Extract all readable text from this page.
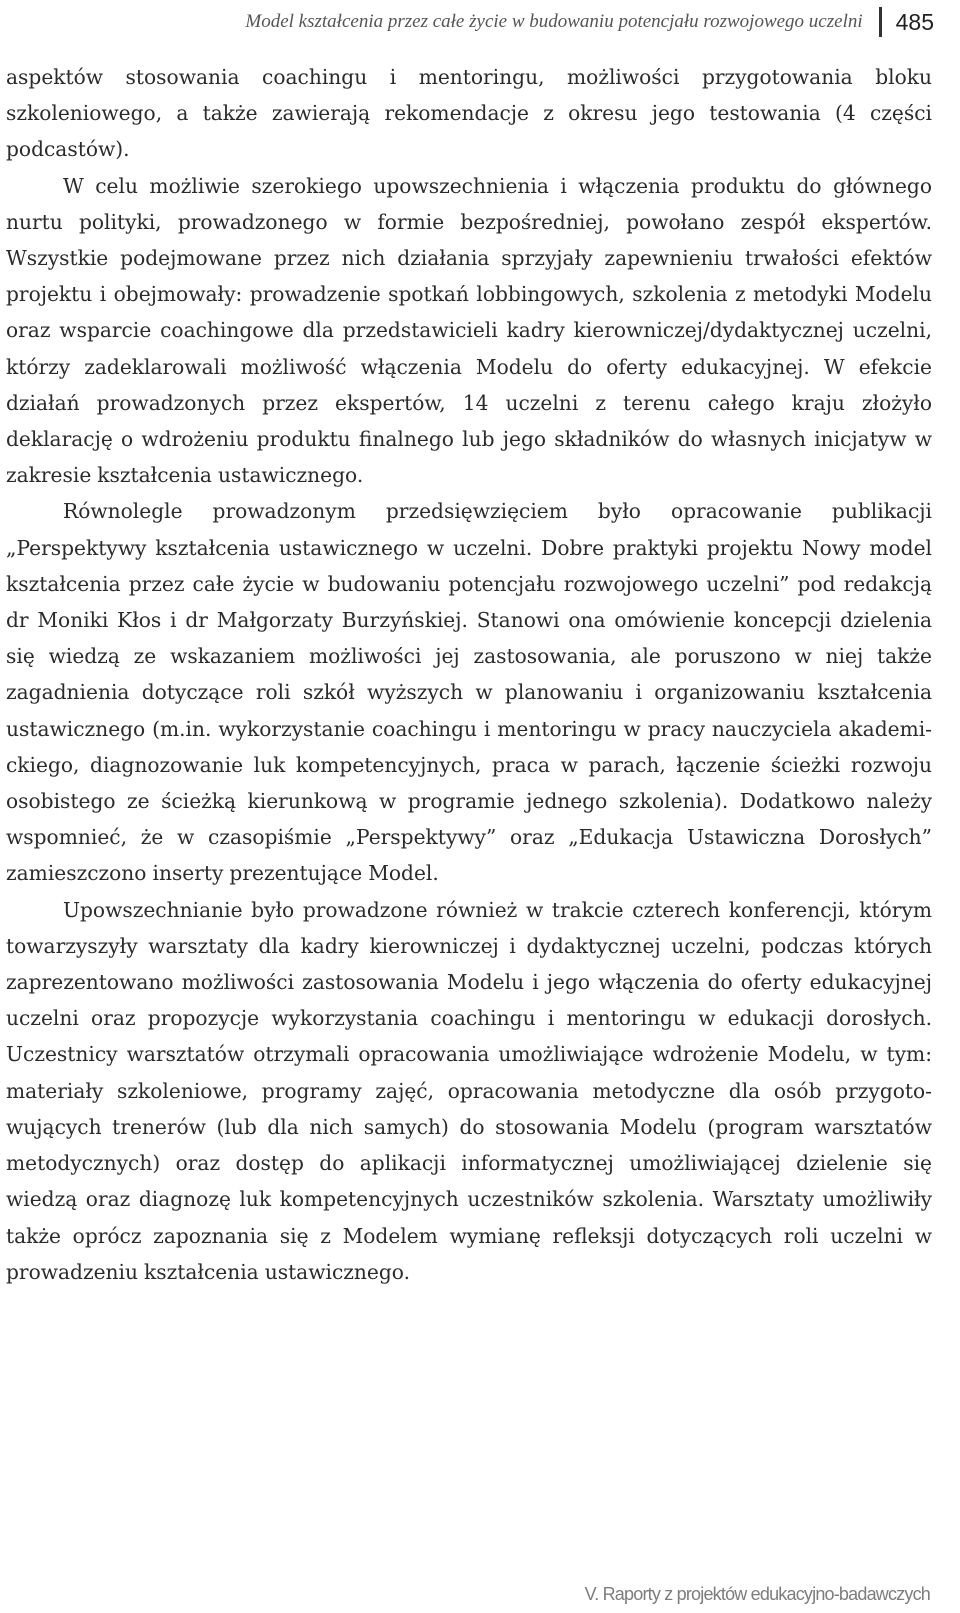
Model kształcenia przez całe życie w budowaniu potencjału rozwojowego uczelni	485

aspektów stosowania coachingu i mentoringu, możliwości przygotowania bloku szkoleniowego, a także zawierają rekomendacje z okresu jego testowania (4 części podcastów).

W celu możliwie szerokiego upowszechnienia i włączenia produktu do głównego nurtu polityki, prowadzonego w formie bezpośredniej, powołano zespół ekspertów. Wszystkie podejmowane przez nich działania sprzyjały zapewnieniu trwałości efektów projektu i obejmowały: prowadzenie spotkań lobbingowych, szkolenia z metodyki Modelu oraz wsparcie coachingowe dla przedstawicieli kadry kierowniczej/dydaktycznej uczelni, którzy zadeklarowali możliwość włączenia Modelu do oferty edukacyjnej. W efekcie działań prowadzonych przez ekspertów, 14 uczelni z terenu całego kraju złożyło deklarację o wdrożeniu produktu finalnego lub jego składników do własnych inicjatyw w zakresie kształcenia ustawicznego.

Równolegle prowadzonym przedsięwzięciem było opracowanie publikacji „Perspektywy kształcenia ustawicznego w uczelni. Dobre praktyki projektu Nowy model kształcenia przez całe życie w budowaniu potencjału rozwojowego uczelni” pod redakcją dr Moniki Kłos i dr Małgorzaty Burzyńskiej. Stanowi ona omówienie koncepcji dzielenia się wiedzą ze wskazaniem możliwości jej zastosowania, ale poruszono w niej także zagadnienia dotyczące roli szkół wyższych w planowaniu i organizowaniu kształcenia ustawicznego (m.in. wykorzystanie coachingu i mentoringu w pracy nauczyciela akademickiego, diagnozowanie luk kompetencyjnych, praca w parach, łączenie ścieżki rozwoju osobistego ze ścieżką kierunkową w programie jednego szkolenia). Dodatkowo należy wspomnieć, że w czasopiśmie „Perspektywy” oraz „Edukacja Ustawiczna Dorosłych” zamieszczono inserty prezentujące Model.

Upowszechnianie było prowadzone również w trakcie czterech konferencji, którym towarzyszyły warsztaty dla kadry kierowniczej i dydaktycznej uczelni, podczas których zaprezentowano możliwości zastosowania Modelu i jego włączenia do oferty edukacyjnej uczelni oraz propozycje wykorzystania coachingu i mentoringu w edukacji dorosłych. Uczestnicy warsztatów otrzymali opracowania umożliwiające wdrożenie Modelu, w tym: materiały szkoleniowe, programy zajęć, opracowania metodyczne dla osób przygotowujących trenerów (lub dla nich samych) do stosowania Modelu (program warsztatów metodycznych) oraz dostęp do aplikacji informatycznej umożliwiającej dzielenie się wiedzą oraz diagnozę luk kompetencyjnych uczestników szkolenia. Warsztaty umożliwiły także oprócz zapoznania się z Modelem wymianę refleksji dotyczących roli uczelni w prowadzeniu kształcenia ustawicznego.

V. Raporty z projektów edukacyjno-badawczych
